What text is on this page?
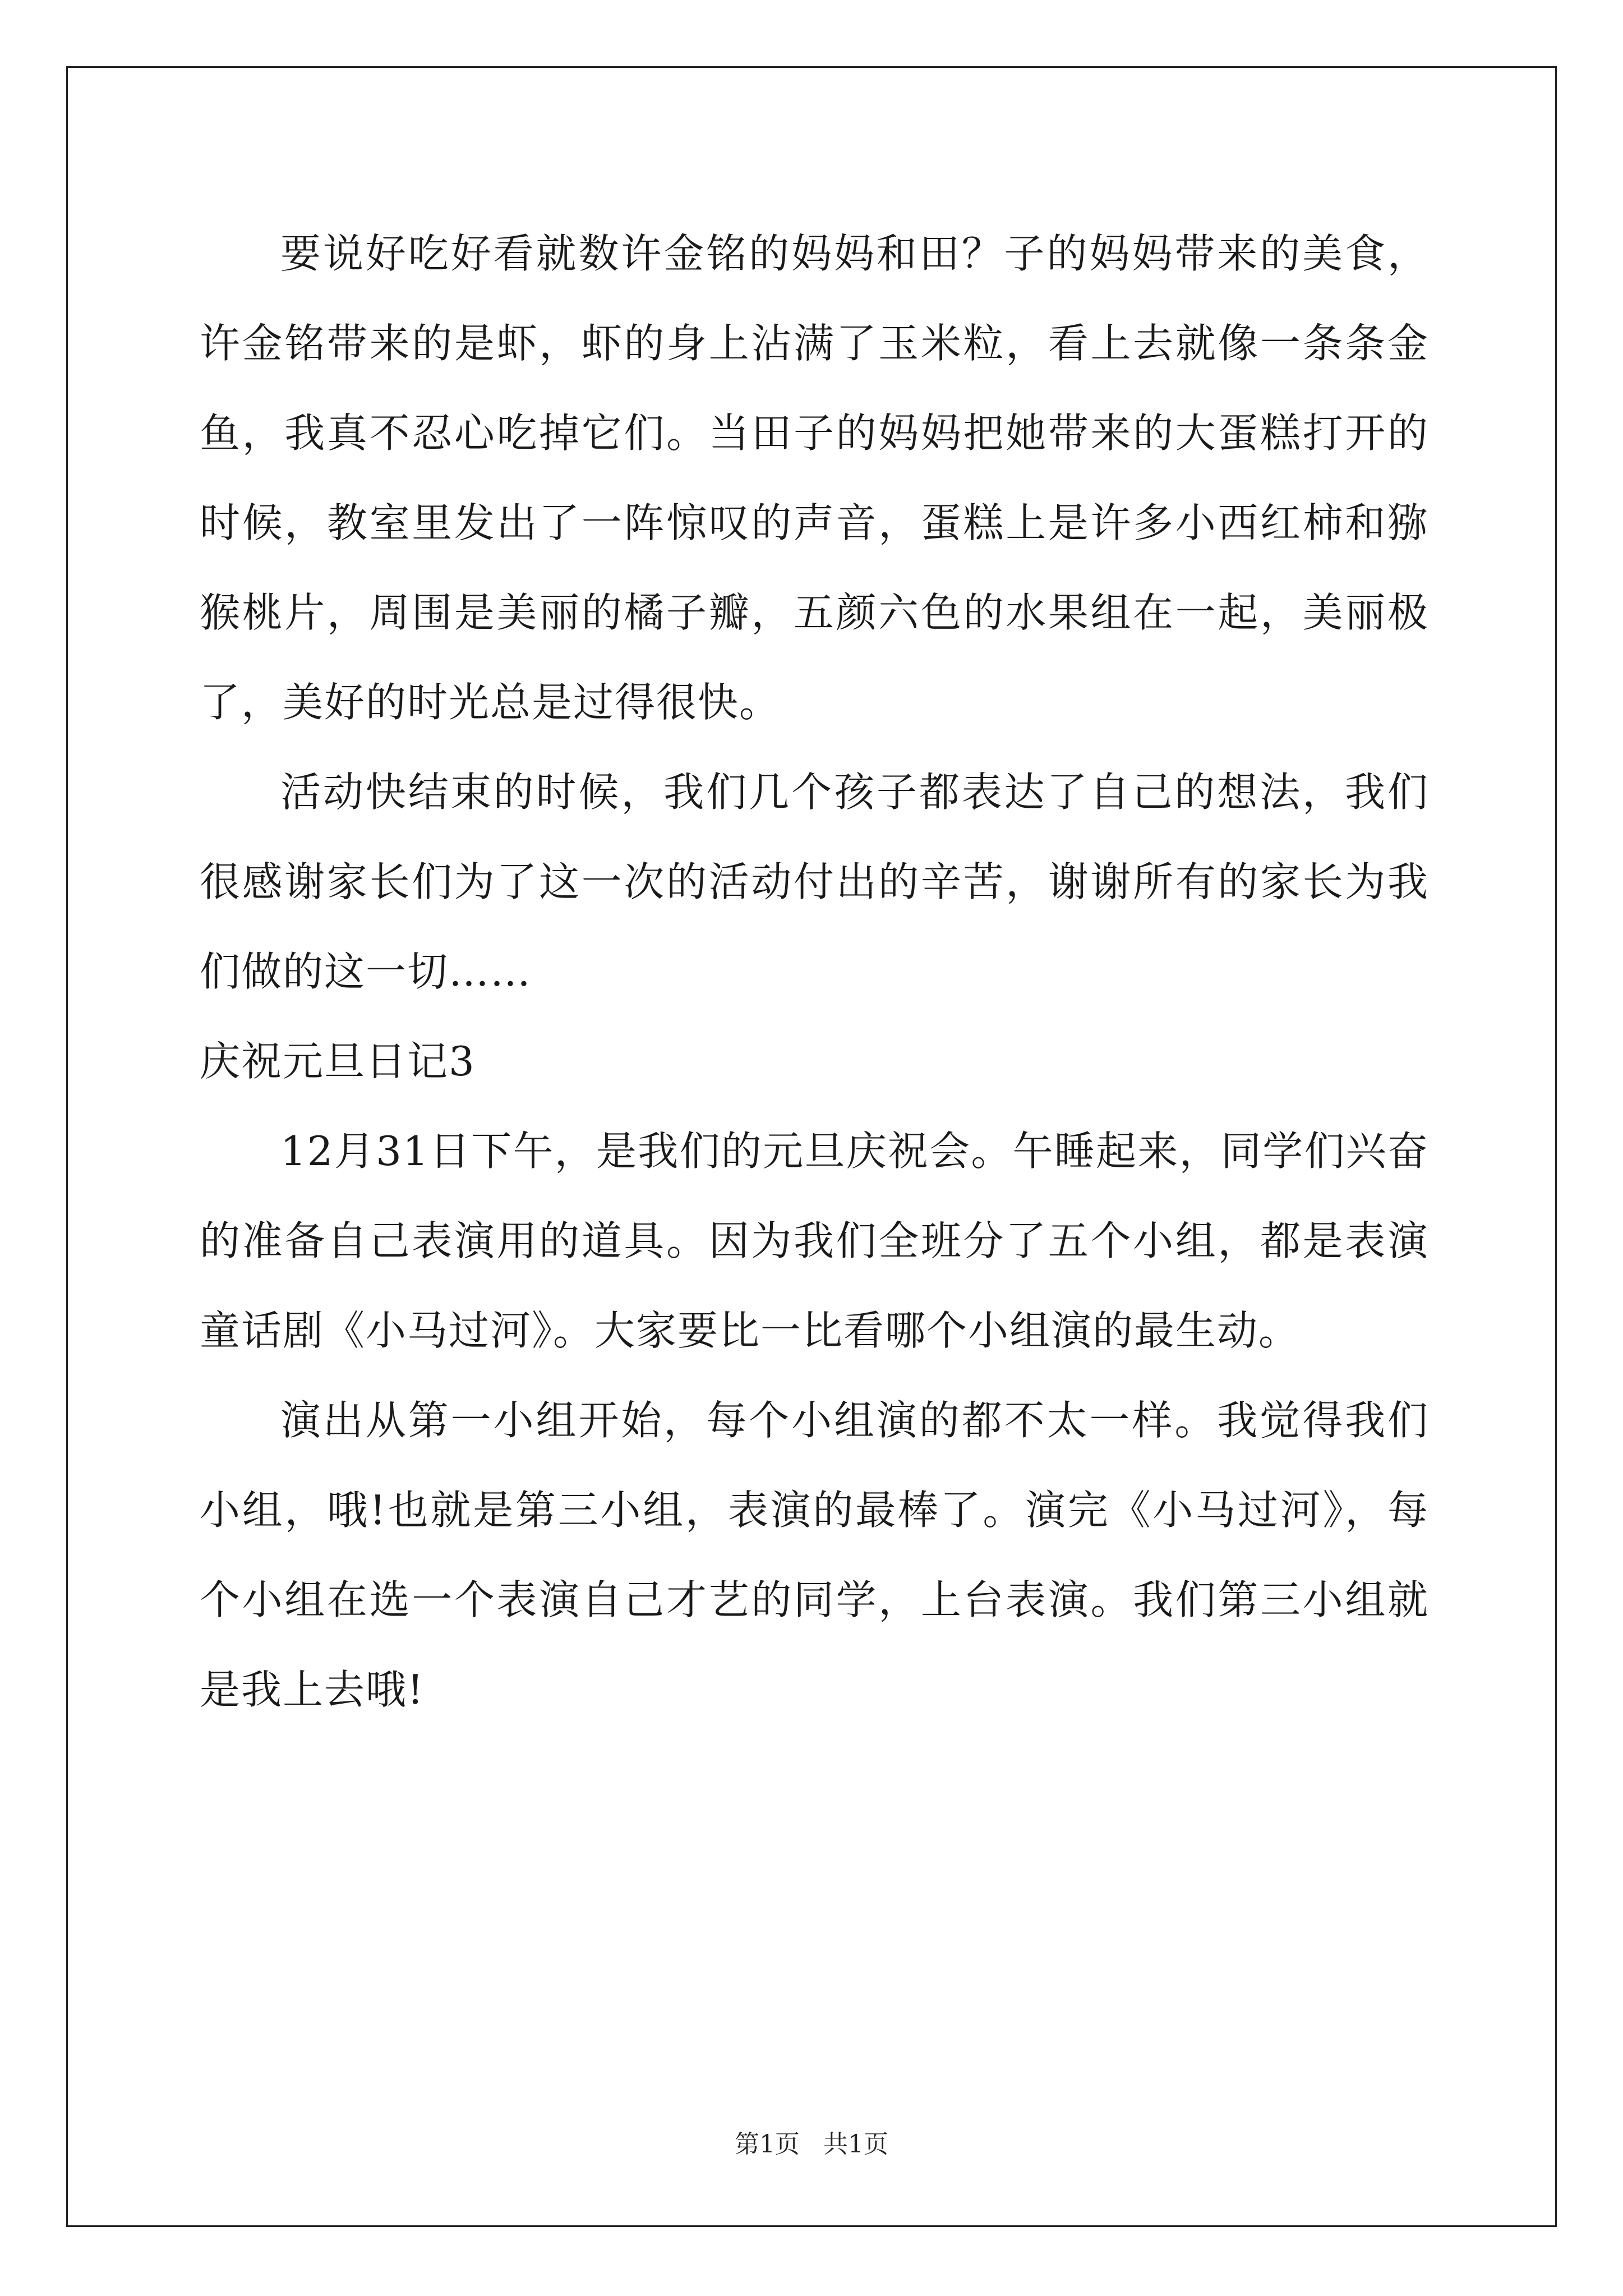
要说好吃好看就数许金铭的妈妈和田？子的妈妈带来的美食，许金铭带来的是虾，虾的身上沾满了玉米粒，看上去就像一条条金鱼，我真不忍心吃掉它们。当田子的妈妈把她带来的大蛋糕打开的时候，教室里发出了一阵惊叹的声音，蛋糕上是许多小西红柿和猕猴桃片，周围是美丽的橘子瓣，五颜六色的水果组在一起，美丽极了，美好的时光总是过得很快。

活动快结束的时候，我们几个孩子都表达了自己的想法，我们很感谢家长们为了这一次的活动付出的辛苦，谢谢所有的家长为我们做的这一切……

庆祝元旦日记3

12月31日下午，是我们的元旦庆祝会。午睡起来，同学们兴奋的准备自己表演用的道具。因为我们全班分了五个小组，都是表演童话剧《小马过河》。大家要比一比看哪个小组演的最生动。

演出从第一小组开始，每个小组演的都不太一样。我觉得我们小组，哦!也就是第三小组，表演的最棒了。演完《小马过河》，每个小组在选一个表演自己才艺的同学，上台表演。我们第三小组就是我上去哦!

第1页   共1页
